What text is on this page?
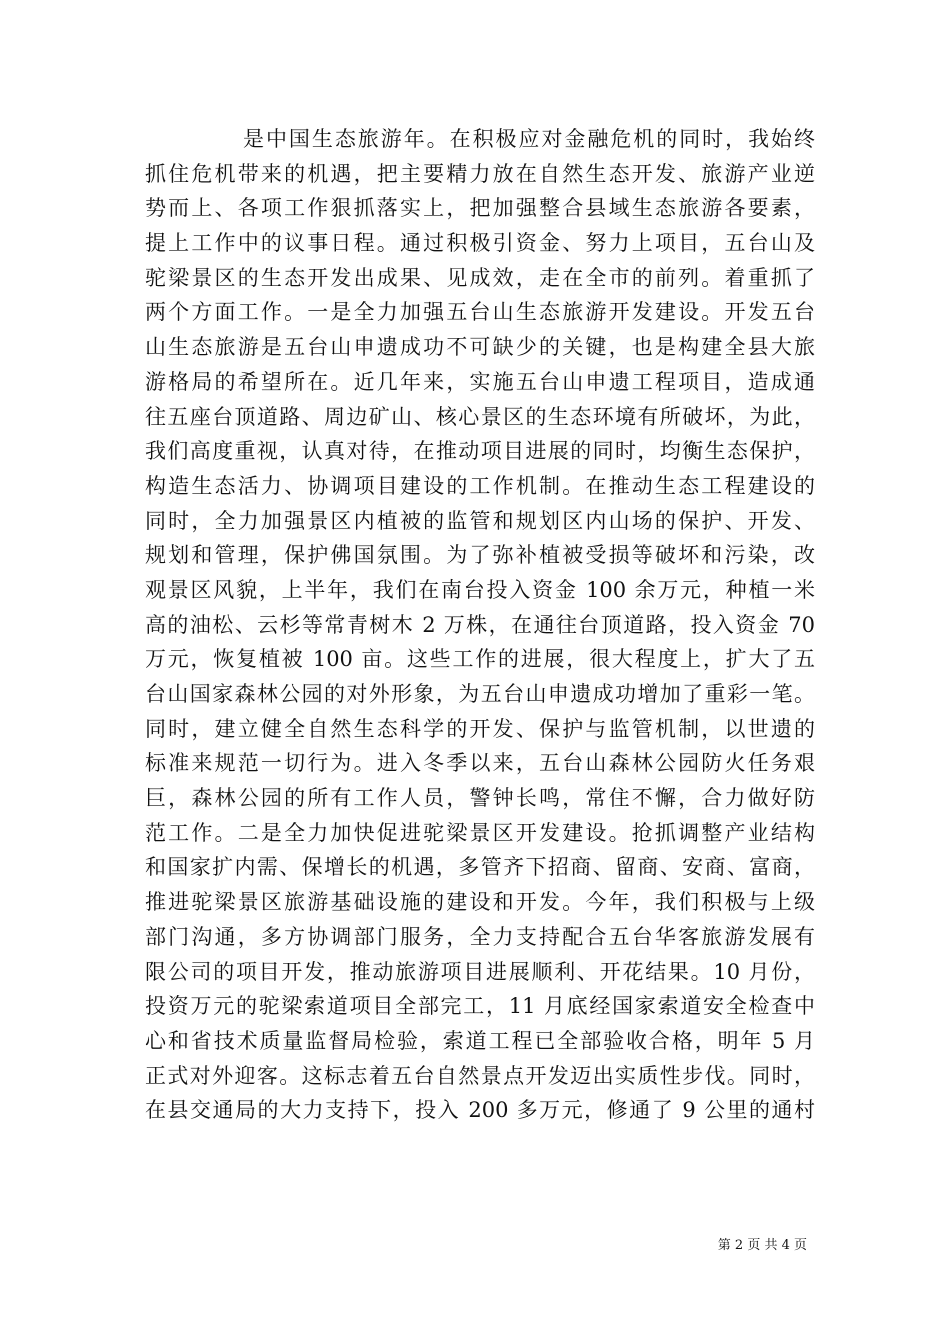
是中国生态旅游年。在积极应对金融危机的同时，我始终
抓住危机带来的机遇，把主要精力放在自然生态开发、旅游产业逆
势而上、各项工作狠抓落实上，把加强整合县域生态旅游各要素，
提上工作中的议事日程。通过积极引资金、努力上项目，五台山及
驼梁景区的生态开发出成果、见成效，走在全市的前列。着重抓了
两个方面工作。一是全力加强五台山生态旅游开发建设。开发五台
山生态旅游是五台山申遗成功不可缺少的关键，也是构建全县大旅
游格局的希望所在。近几年来，实施五台山申遗工程项目，造成通
往五座台顶道路、周边矿山、核心景区的生态环境有所破坏，为此，
我们高度重视，认真对待，在推动项目进展的同时，均衡生态保护，
构造生态活力、协调项目建设的工作机制。在推动生态工程建设的
同时，全力加强景区内植被的监管和规划区内山场的保护、开发、
规划和管理，保护佛国氛围。为了弥补植被受损等破坏和污染，改
观景区风貌，上半年，我们在南台投入资金 100 余万元，种植一米
高的油松、云杉等常青树木 2 万株，在通往台顶道路，投入资金 70
万元，恢复植被 100 亩。这些工作的进展，很大程度上，扩大了五
台山国家森林公园的对外形象，为五台山申遗成功增加了重彩一笔。
同时，建立健全自然生态科学的开发、保护与监管机制，以世遗的
标准来规范一切行为。进入冬季以来，五台山森林公园防火任务艰
巨，森林公园的所有工作人员，警钟长鸣，常住不懈，合力做好防
范工作。二是全力加快促进驼梁景区开发建设。抢抓调整产业结构
和国家扩内需、保增长的机遇，多管齐下招商、留商、安商、富商，
推进驼梁景区旅游基础设施的建设和开发。今年，我们积极与上级
部门沟通，多方协调部门服务，全力支持配合五台华客旅游发展有
限公司的项目开发，推动旅游项目进展顺利、开花结果。10 月份，
投资万元的驼梁索道项目全部完工，11 月底经国家索道安全检查中
心和省技术质量监督局检验，索道工程已全部验收合格，明年 5 月
正式对外迎客。这标志着五台自然景点开发迈出实质性步伐。同时，
在县交通局的大力支持下，投入 200 多万元，修通了 9 公里的通村
第 2 页 共 4 页
